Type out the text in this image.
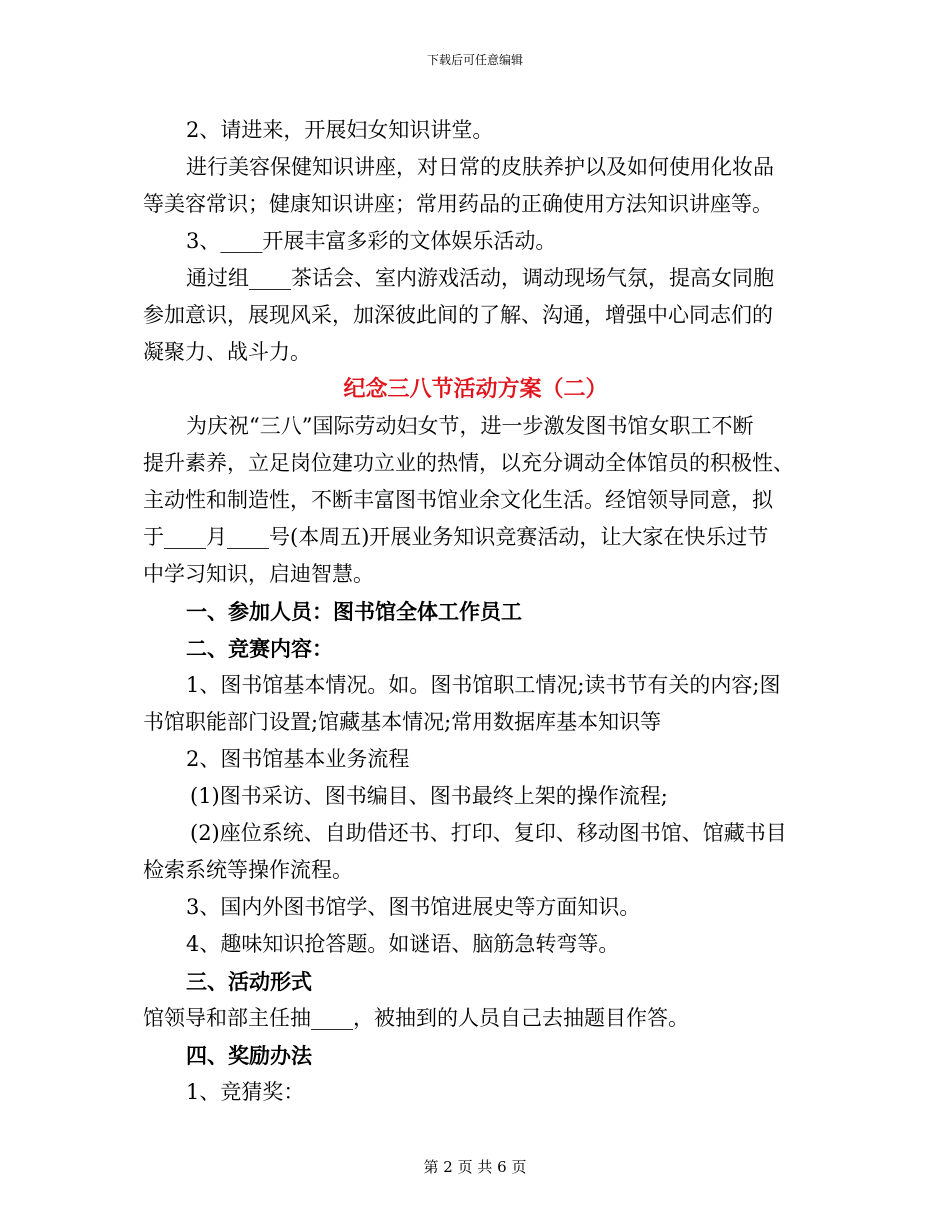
下载后可任意编辑
2、请进来，开展妇女知识讲堂。
进行美容保健知识讲座，对日常的皮肤养护以及如何使用化妆品
等美容常识；健康知识讲座；常用药品的正确使用方法知识讲座等。
3、____开展丰富多彩的文体娱乐活动。
通过组____茶话会、室内游戏活动，调动现场气氛，提高女同胞
参加意识，展现风采，加深彼此间的了解、沟通，增强中心同志们的
凝聚力、战斗力。
纪念三八节活动方案（二）
为庆祝“三八”国际劳动妇女节，进一步激发图书馆女职工不断
提升素养，立足岗位建功立业的热情，以充分调动全体馆员的积极性、
主动性和制造性，不断丰富图书馆业余文化生活。经馆领导同意，拟
于____月____号(本周五)开展业务知识竞赛活动，让大家在快乐过节
中学习知识，启迪智慧。
一、参加人员：图书馆全体工作员工
二、竞赛内容：
1、图书馆基本情况。如。图书馆职工情况;读书节有关的内容;图
书馆职能部门设置;馆藏基本情况;常用数据库基本知识等
2、图书馆基本业务流程
(1)图书采访、图书编目、图书最终上架的操作流程;
(2)座位系统、自助借还书、打印、复印、移动图书馆、馆藏书目
检索系统等操作流程。
3、国内外图书馆学、图书馆进展史等方面知识。
4、趣味知识抢答题。如谜语、脑筋急转弯等。
三、活动形式
馆领导和部主任抽____，被抽到的人员自己去抽题目作答。
四、奖励办法
1、竞猜奖：
第 2 页 共 6 页
